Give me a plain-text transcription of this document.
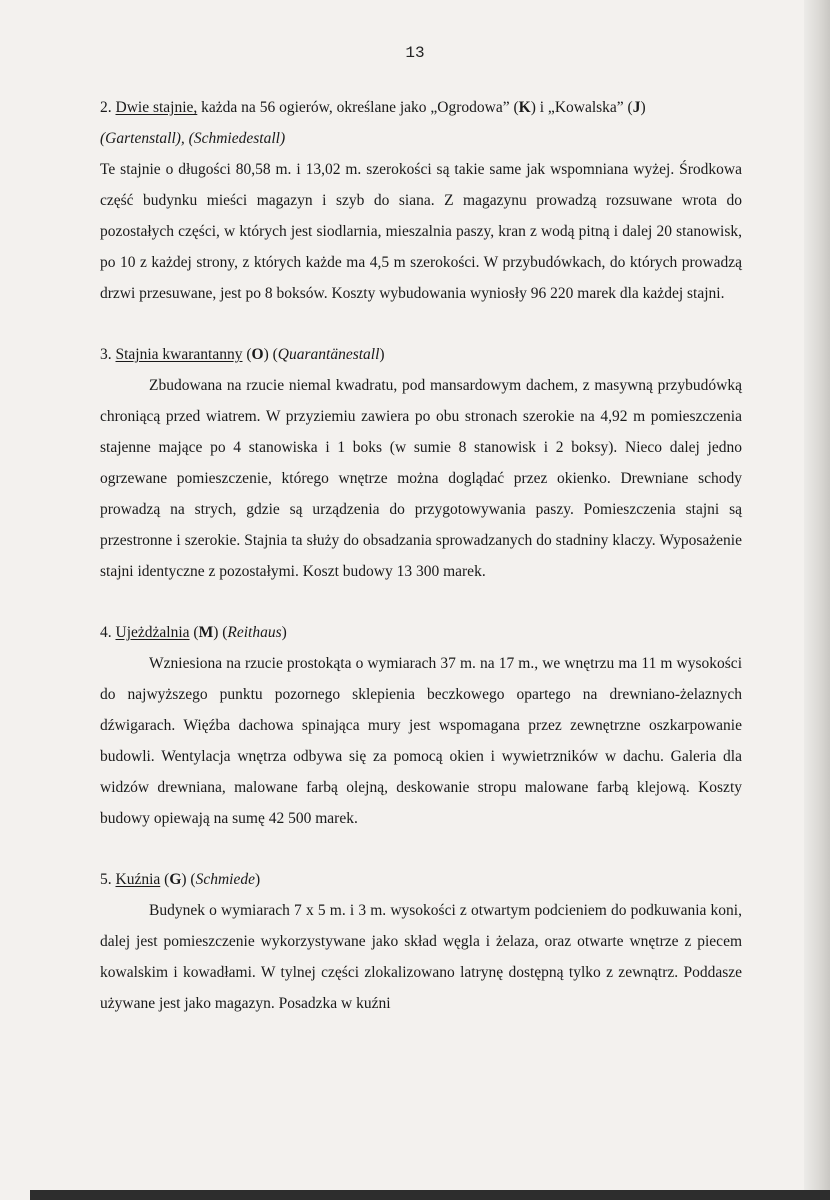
13

2. Dwie stajnie, każda na 56 ogierów, określane jako „Ogrodowa” (K) i „Kowalska” (J)

(Gartenstall), (Schmiedestall)

Te stajnie o długości 80,58 m. i 13,02 m. szerokości są takie same jak wspomniana wyżej. Środkowa część budynku mieści magazyn i szyb do siana. Z magazynu prowadzą rozsuwane wrota do pozostałych części, w których jest siodlarnia, mieszalnia paszy, kran z wodą pitną i dalej 20 stanowisk, po 10 z każdej strony, z których każde ma 4,5 m szerokości. W przybudówkach, do których prowadzą drzwi przesuwane, jest po 8 boksów. Koszty wybudowania wyniosły 96 220 marek dla każdej stajni.

3. Stajnia kwarantanny (O) (Quarantänestall)

Zbudowana na rzucie niemal kwadratu, pod mansardowym dachem, z masywną przybudówką chroniącą przed wiatrem. W przyziemiu zawiera po obu stronach szerokie na 4,92 m pomieszczenia stajenne mające po 4 stanowiska i 1 boks (w sumie 8 stanowisk i 2 boksy). Nieco dalej jedno ogrzewane pomieszczenie, którego wnętrze można doglądać przez okienko. Drewniane schody prowadzą na strych, gdzie są urządzenia do przygotowywania paszy. Pomieszczenia stajni są przestronne i szerokie. Stajnia ta służy do obsadzania sprowadzanych do stadniny klaczy. Wyposażenie stajni identyczne z pozostałymi. Koszt budowy 13 300 marek.

4. Ujeżdżalnia (M) (Reithaus)

Wzniesiona na rzucie prostokąta o wymiarach 37 m. na 17 m., we wnętrzu ma 11 m wysokości do najwyższego punktu pozornego sklepienia beczkowego opartego na drewniano-żelaznych dźwigarach. Więźba dachowa spinająca mury jest wspomagana przez zewnętrzne oszkarpowanie budowli. Wentylacja wnętrza odbywa się za pomocą okien i wywietrzników w dachu. Galeria dla widzów drewniana, malowane farbą olejną, deskowanie stropu malowane farbą klejową. Koszty budowy opiewają na sumę 42 500 marek.

5. Kuźnia (G) (Schmiede)

Budynek o wymiarach 7 x 5 m. i 3 m. wysokości z otwartym podcieniem do podkuwania koni, dalej jest pomieszczenie wykorzystywane jako skład węgla i żelaza, oraz otwarte wnętrze z piecem kowalskim i kowadłami. W tylnej części zlokalizowano latrynę dostępną tylko z zewnątrz. Poddasze używane jest jako magazyn. Posadzka w kuźni
